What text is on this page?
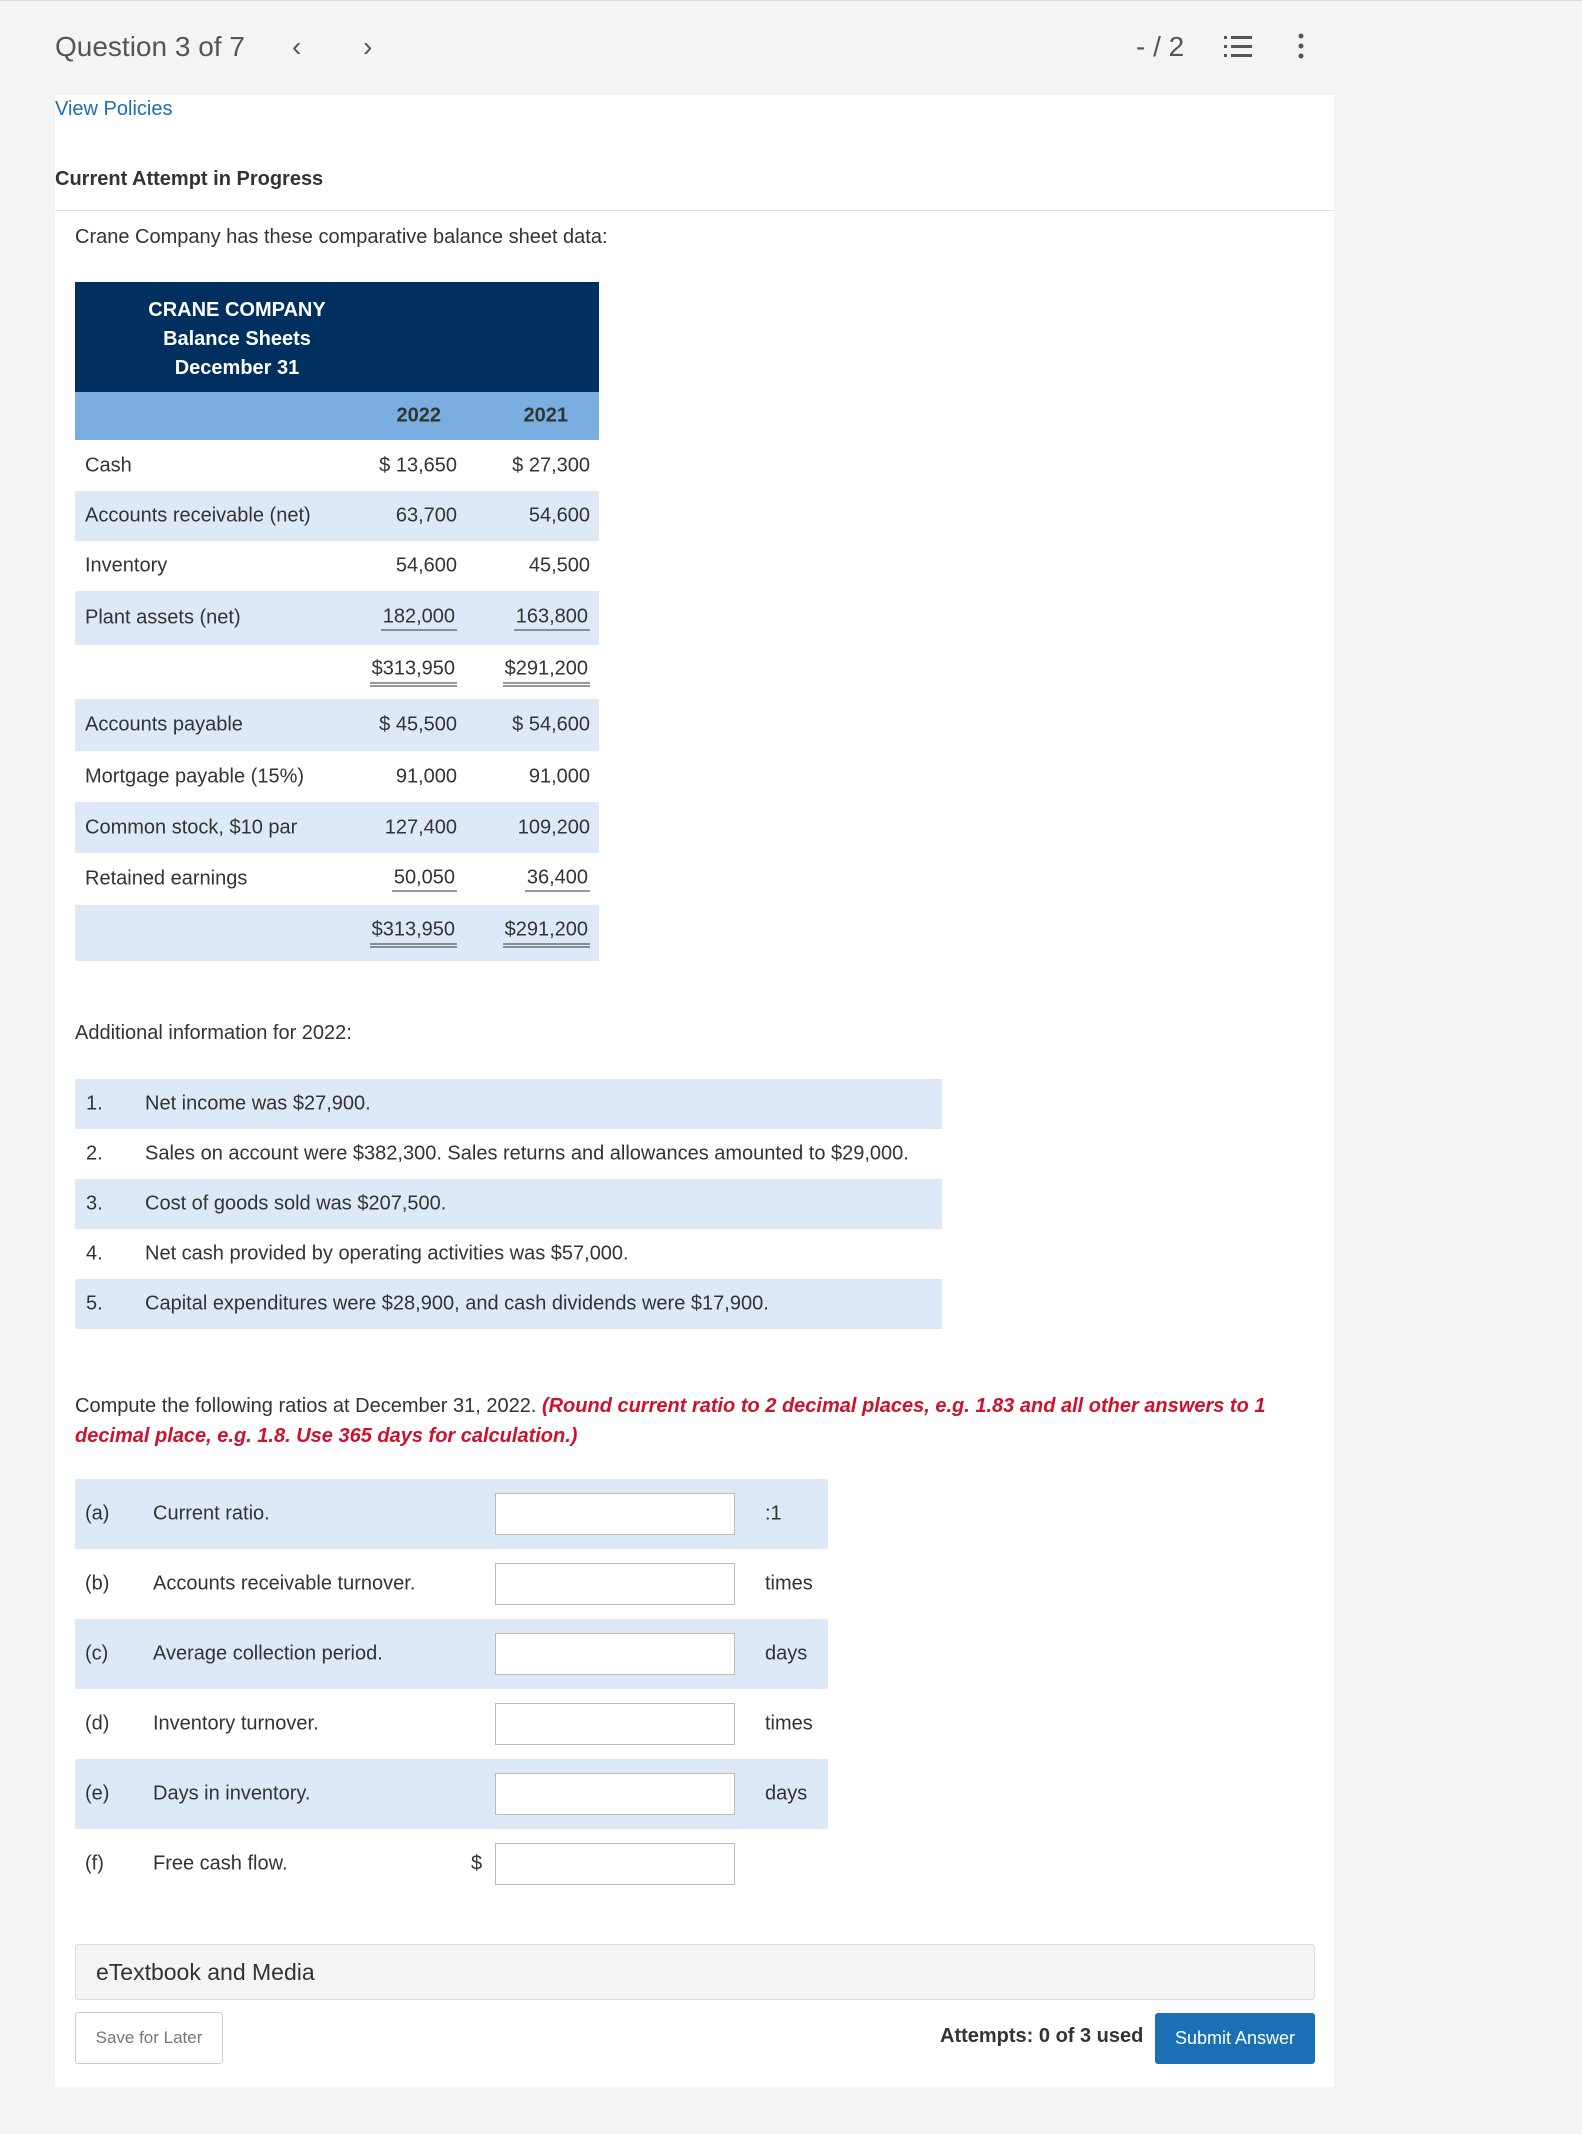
Question 3 of 7 ‹ ›	- / 2
View Policies
Current Attempt in Progress
Crane Company has these comparative balance sheet data:
CRANE COMPANY
Balance Sheets
December 31
2022	2021
Cash	$ 13,650	$ 27,300
Accounts receivable (net)	63,700	54,600
Inventory	54,600	45,500
Plant assets (net)	182,000	163,800
$313,950 $291,200
Accounts payable	$ 45,500	$ 54,600
Mortgage payable (15%)	91,000	91,000
Common stock, $10 par	127,400	109,200
Retained earnings	50,050	36,400
$313,950 $291,200
Additional information for 2022:
1. Net income was $27,900.
2. Sales on account were $382,300. Sales returns and allowances amounted to $29,000.
3. Cost of goods sold was $207,500.
4. Net cash provided by operating activities was $57,000.
5. Capital expenditures were $28,900, and cash dividends were $17,900.
Compute the following ratios at December 31, 2022. (Round current ratio to 2 decimal places, e.g. 1.83 and all other answers to 1 decimal place, e.g. 1.8. Use 365 days for calculation.)
(a) Current ratio.	:1
(b) Accounts receivable turnover.	times
(c) Average collection period.	days
(d) Inventory turnover.	times
(e) Days in inventory.	days
(f) Free cash flow.	$
eTextbook and Media
Save for Later	Attempts: 0 of 3 used	Submit Answer
